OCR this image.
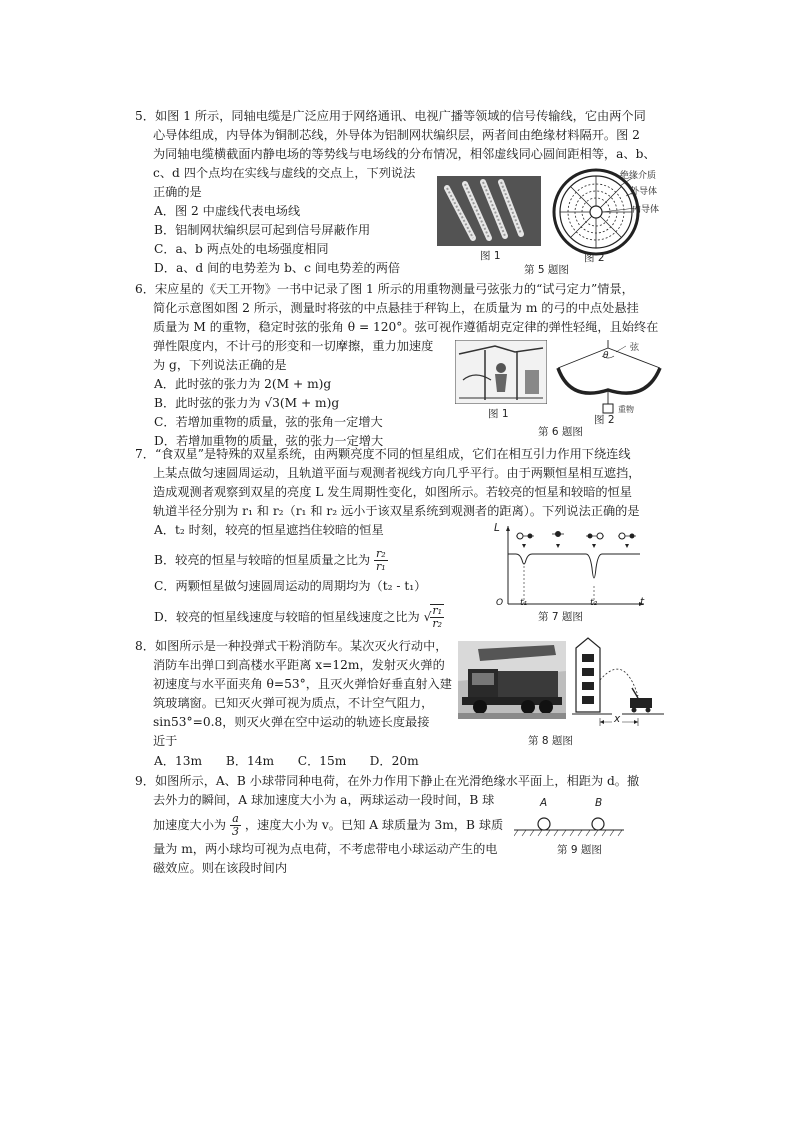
5．如图 1 所示，同轴电缆是广泛应用于网络通讯、电视广播等领域的信号传输线，它由两个同
心导体组成，内导体为铜制芯线，外导体为铝制网状编织层，两者间由绝缘材料隔开。图 2
为同轴电缆横截面内静电场的等势线与电场线的分布情况，相邻虚线同心圆间距相等，a、b、
c、d 四个点均在实线与虚线的交点上，下列说法
正确的是
A．图 2 中虚线代表电场线
B．铝制网状编织层可起到信号屏蔽作用
C．a、b 两点处的电场强度相同
D．a、d 间的电势差为 b、c 间电势差的两倍
图 1
绝缘介质
外导体
内导体
图 2
第 5 题图
6．宋应星的《天工开物》一书中记录了图 1 所示的用重物测量弓弦张力的“试弓定力”情景，
简化示意图如图 2 所示，测量时将弦的中点悬挂于秤钩上，在质量为 m 的弓的中点处悬挂
质量为 M 的重物，稳定时弦的张角 θ = 120°。弦可视作遵循胡克定律的弹性轻绳，且始终在
弹性限度内，不计弓的形变和一切摩擦，重力加速度
为 g，下列说法正确的是
A．此时弦的张力为 2(M + m)g
B．此时弦的张力为 √3(M + m)g
C．若增加重物的质量，弦的张角一定增大
D．若增加重物的质量，弦的张力一定增大
图 1
θ
弦
重物
图 2
第 6 题图
7．“食双星”是特殊的双星系统，由两颗亮度不同的恒星组成，它们在相互引力作用下绕连线
上某点做匀速圆周运动，且轨道平面与观测者视线方向几乎平行。由于两颗恒星相互遮挡，
造成观测者观察到双星的亮度 L 发生周期性变化，如图所示。若较亮的恒星和较暗的恒星
轨道半径分别为 r₁ 和 r₂（r₁ 和 r₂ 远小于该双星系统到观测者的距离）。下列说法正确的是
A．t₂ 时刻，较亮的恒星遮挡住较暗的恒星
B．较亮的恒星与较暗的恒星质量之比为 $\frac{\text{r₂}}{\text{r₁}}$
C．两颗恒星做匀速圆周运动的周期均为（t₂ - t₁）
D．较亮的恒星线速度与较暗的恒星线速度之比为 √ $\frac{\text{r₁}}{\text{r₂}}$
L
O t₁	t₂	t
第 7 题图
8．如图所示是一种投弹式干粉消防车。某次灭火行动中，
消防车出弹口到高楼水平距离 x=12m，发射灭火弹的
初速度与水平面夹角 θ=53°，且灭火弹恰好垂直射入建
筑玻璃窗。已知灭火弹可视为质点，不计空气阻力，
sin53°=0.8，则灭火弹在空中运动的轨迹长度最接
近于
A．13m B．14m C．15m D．20m
x
第 8 题图
9．如图所示，A、B 小球带同种电荷，在外力作用下静止在光滑绝缘水平面上，相距为 d。撤
去外力的瞬间，A 球加速度大小为 a，两球运动一段时间，B 球
加速度大小为 $\frac{a}{3}$ ，速度大小为 v。已知 A 球质量为 3m，B 球质
量为 m，两小球均可视为点电荷，不考虑带电小球运动产生的电
磁效应。则在该段时间内
A	B
第 9 题图
